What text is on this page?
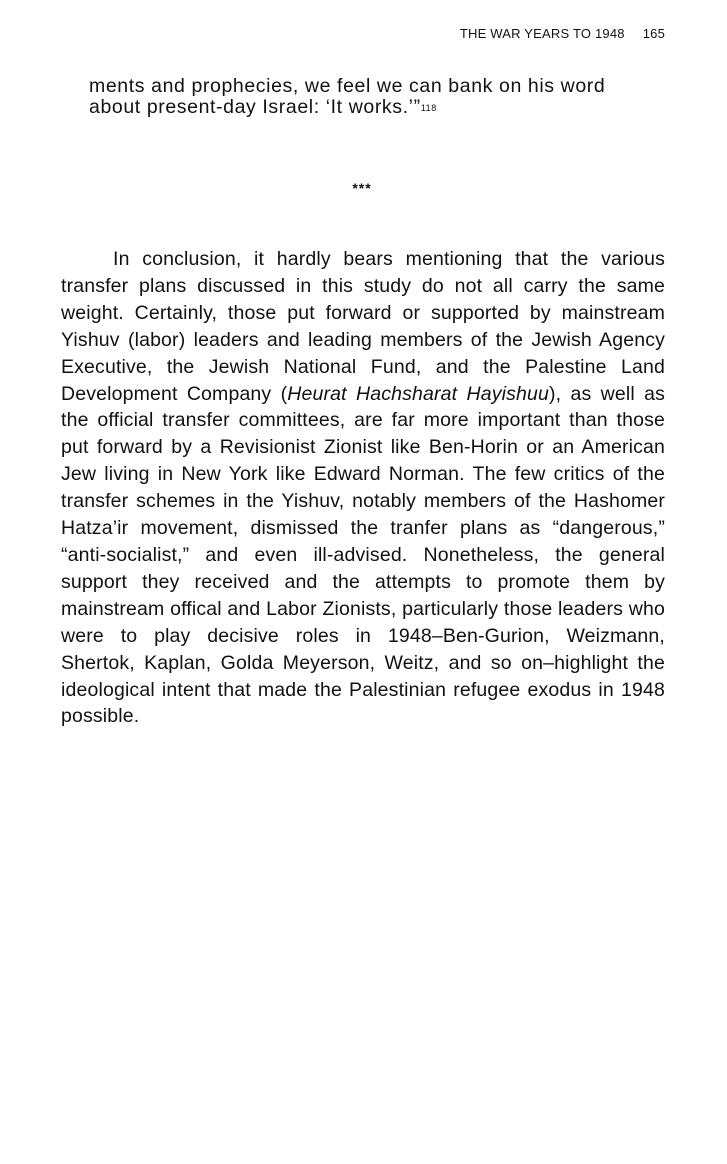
THE WAR YEARS TO 1948 165

ments and prophecies, we feel we can bank on his word about present-day Israel: ‘It works.’”$^{118}$

***

In conclusion, it hardly bears mentioning that the various transfer plans discussed in this study do not all carry the same weight. Certainly, those put forward or supported by mainstream Yishuv (labor) leaders and leading members of the Jewish Agency Executive, the Jewish National Fund, and the Palestine Land Development Company (Heurat Hachsharat Hayishuu), as well as the official transfer committees, are far more important than those put forward by a Revisionist Zionist like Ben-Horin or an American Jew living in New York like Edward Norman. The few critics of the transfer schemes in the Yishuv, notably members of the Hashomer Hatza’ir movement, dismissed the tranfer plans as “dangerous,” “anti-socialist,” and even ill-advised. Nonetheless, the general support they received and the attempts to promote them by mainstream offical and Labor Zionists, particularly those leaders who were to play decisive roles in 1948–Ben-Gurion, Weizmann, Shertok, Kaplan, Golda Meyerson, Weitz, and so on–highlight the ideological intent that made the Palestinian refugee exodus in 1948 possible.
